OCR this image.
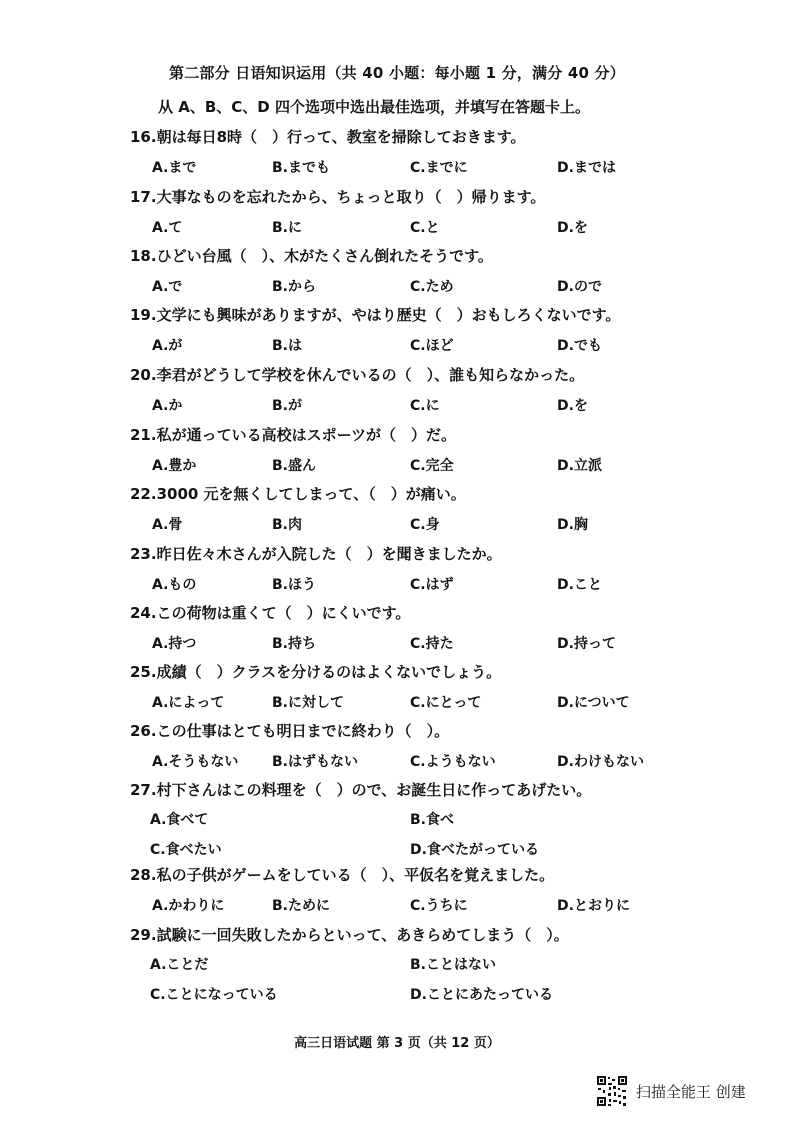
第二部分 日语知识运用（共 40 小题：每小题 1 分，满分 40 分）
从 A、B、C、D 四个选项中选出最佳选项，并填写在答题卡上。
16.朝は每日8時（　）行って、教室を掃除しておきます。
A.まで	B.までも	C.までに	D.までは
17.大事なものを忘れたから、ちょっと取り（　）帰ります。
A.て	B.に	C.と	D.を
18.ひどい台風（　）、木がたくさん倒れたそうです。
A.で	B.から	C.ため	D.ので
19.文学にも興味がありますが、やはり歴史（　）おもしろくないです。
A.が	B.は	C.ほど	D.でも
20.李君がどうして学校を休んでいるの（　）、誰も知らなかった。
A.か	B.が	C.に	D.を
21.私が通っている高校はスポーツが（　）だ。
A.豊か	B.盛ん	C.完全	D.立派
22.3000 元を無くしてしまって、（　）が痛い。
A.骨	B.肉	C.身	D.胸
23.昨日佐々木さんが入院した（　）を聞きましたか。
A.もの	B.ほう	C.はず	D.こと
24.この荷物は重くて（　）にくいです。
A.持つ	B.持ち	C.持た	D.持って
25.成績（　）クラスを分けるのはよくないでしょう。
A.によって	B.に対して	C.にとって	D.について
26.この仕事はとても明日までに終わり（　）。
A.そうもない B.はずもない	C.ようもない	D.わけもない
27.村下さんはこの料理を（　）ので、お誕生日に作ってあげたい。
A.食べて	B.食べ
C.食べたい	D.食べたがっている
28.私の子供がゲームをしている（　）、平仮名を覚えました。
A.かわりに	B.ために	C.うちに	D.とおりに
29.試験に一回失敗したからといって、あきらめてしまう（　）。
A.ことだ	B.ことはない
C.ことになっている	D.ことにあたっている
高三日语试题 第 3 页（共 12 页）
扫描全能王 创建
